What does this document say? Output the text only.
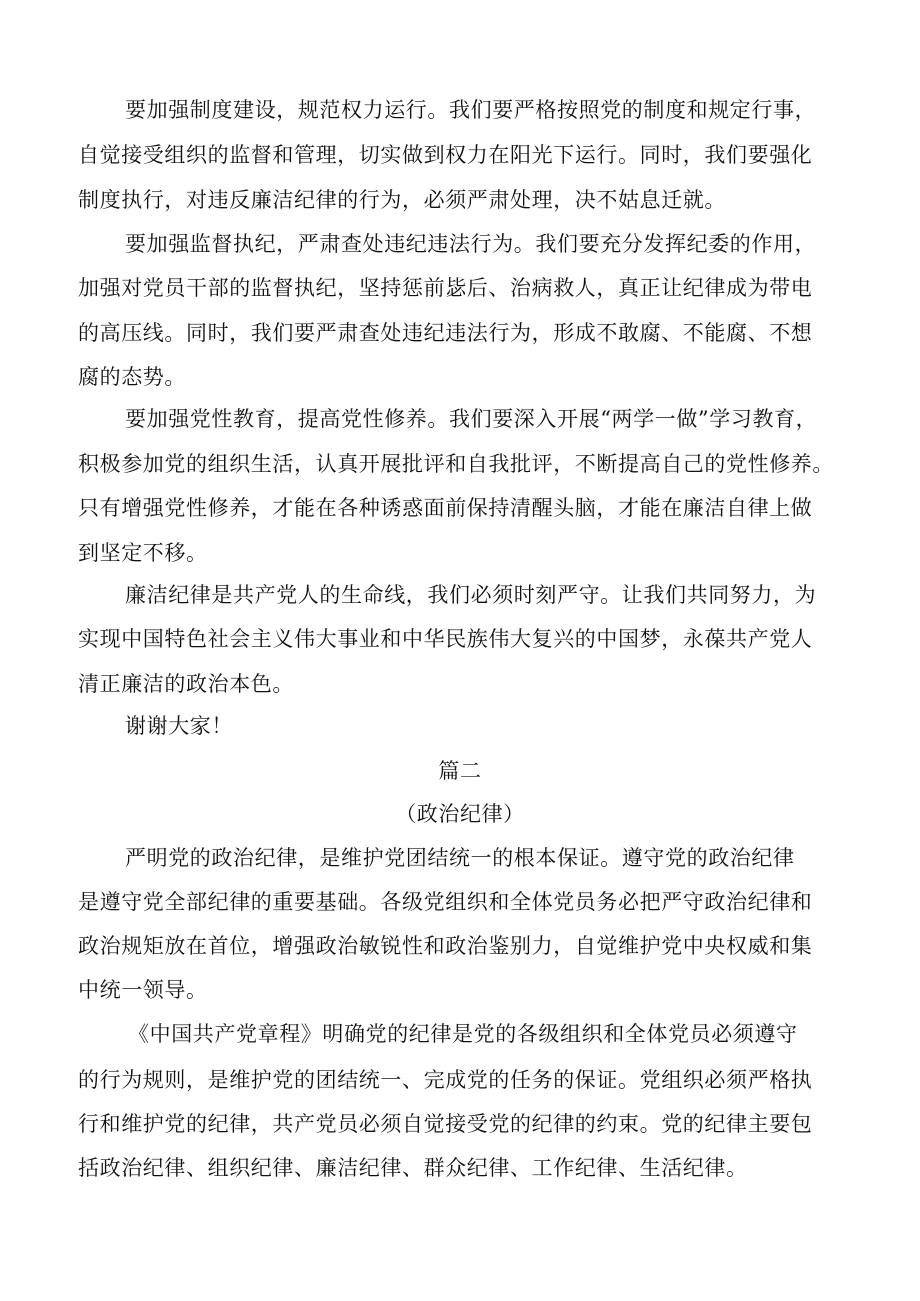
要加强制度建设，规范权力运行。我们要严格按照党的制度和规定行事，
自觉接受组织的监督和管理，切实做到权力在阳光下运行。同时，我们要强化
制度执行，对违反廉洁纪律的行为，必须严肃处理，决不姑息迁就。
要加强监督执纪，严肃查处违纪违法行为。我们要充分发挥纪委的作用，
加强对党员干部的监督执纪，坚持惩前毖后、治病救人，真正让纪律成为带电
的高压线。同时，我们要严肃查处违纪违法行为，形成不敢腐、不能腐、不想
腐的态势。
要加强党性教育，提高党性修养。我们要深入开展“两学一做”学习教育，
积极参加党的组织生活，认真开展批评和自我批评，不断提高自己的党性修养。
只有增强党性修养，才能在各种诱惑面前保持清醒头脑，才能在廉洁自律上做
到坚定不移。
廉洁纪律是共产党人的生命线，我们必须时刻严守。让我们共同努力，为
实现中国特色社会主义伟大事业和中华民族伟大复兴的中国梦，永葆共产党人
清正廉洁的政治本色。
谢谢大家！
篇二
（政治纪律）
严明党的政治纪律，是维护党团结统一的根本保证。遵守党的政治纪律
是遵守党全部纪律的重要基础。各级党组织和全体党员务必把严守政治纪律和
政治规矩放在首位，增强政治敏锐性和政治鉴别力，自觉维护党中央权威和集
中统一领导。
《中国共产党章程》明确党的纪律是党的各级组织和全体党员必须遵守
的行为规则，是维护党的团结统一、完成党的任务的保证。党组织必须严格执
行和维护党的纪律，共产党员必须自觉接受党的纪律的约束。党的纪律主要包
括政治纪律、组织纪律、廉洁纪律、群众纪律、工作纪律、生活纪律。
